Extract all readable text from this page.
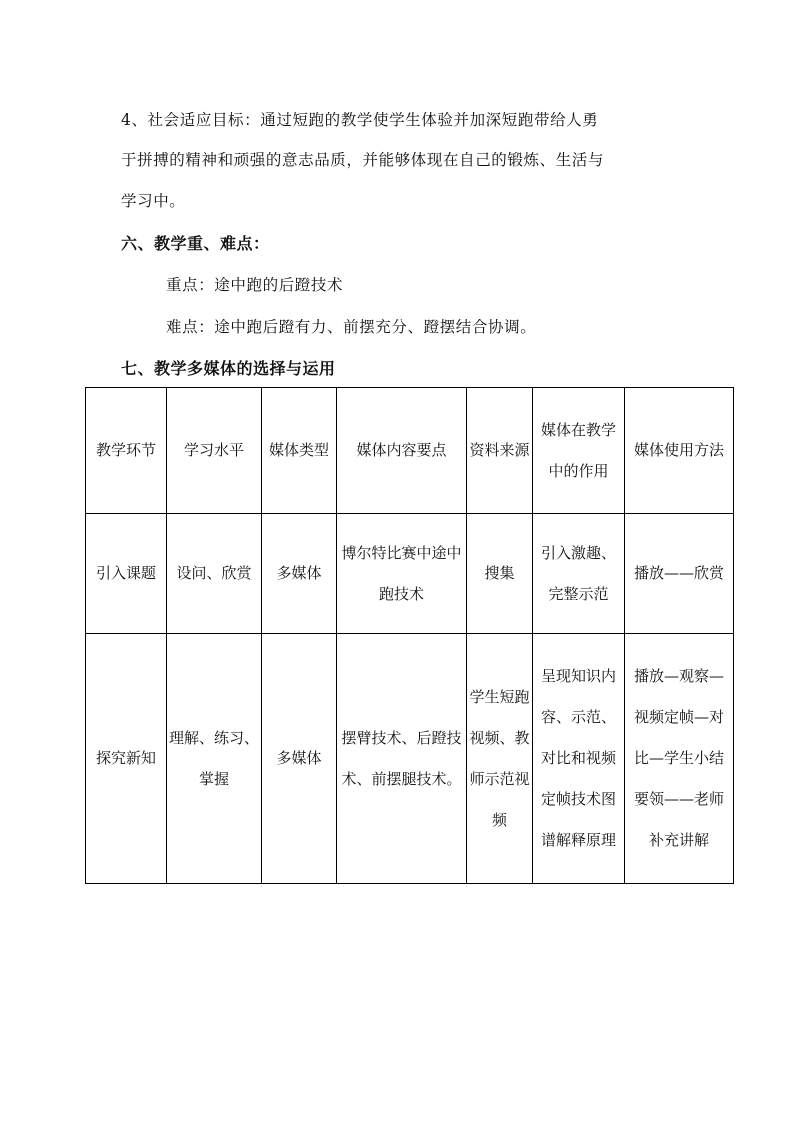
4、社会适应目标：通过短跑的教学使学生体验并加深短跑带给人勇
于拼搏的精神和顽强的意志品质，并能够体现在自己的锻炼、生活与
学习中。
六、教学重、难点：
重点：途中跑的后蹬技术
难点：途中跑后蹬有力、前摆充分、蹬摆结合协调。
七、教学多媒体的选择与运用
教学环节	学习水平	媒体类型	媒体内容要点	资料来源	媒体在教学中的作用	媒体使用方法
引入课题	设问、欣赏	多媒体	博尔特比赛中途中跑技术	搜集	引入激趣、完整示范	播放——欣赏
探究新知	理解、练习、掌握	多媒体	摆臂技术、后蹬技术、前摆腿技术。	学生短跑视频、教师示范视频	呈现知识内容、示范、对比和视频定帧技术图谱解释原理	播放—观察—视频定帧—对比—学生小结要领——老师补充讲解
